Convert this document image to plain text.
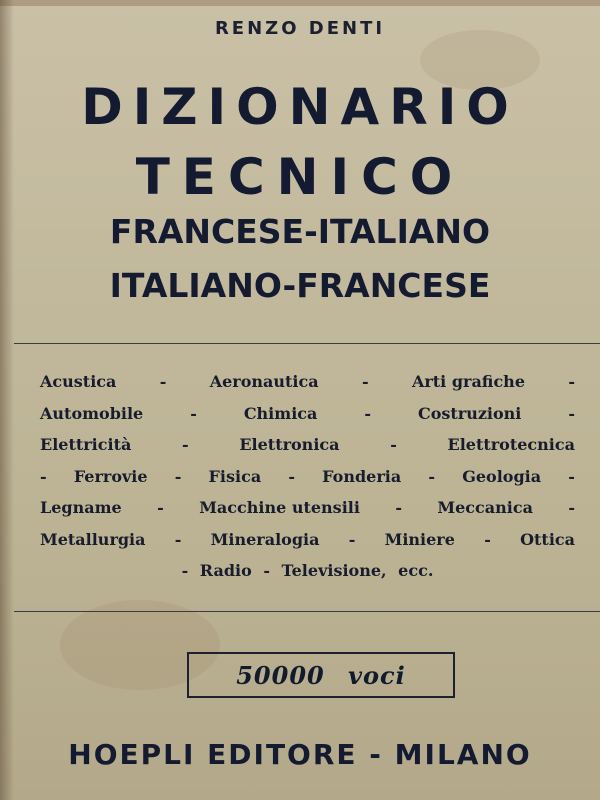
RENZO DENTI
DIZIONARIO
TECNICO
FRANCESE-ITALIANO
ITALIANO-FRANCESE
Acustica	-	Aeronautica	-	Arti grafiche	-
Automobile	-	Chimica	-	Costruzioni	-
Elettricità	-	Elettronica	-	Elettrotecnica
- Ferrovie - Fisica - Fonderia - Geologia -
Legname - Macchine utensili - Meccanica -
Metallurgia - Mineralogia - Miniere - Ottica
- Radio - Televisione, ecc.
50000 voci
HOEPLI EDITORE - MILANO
